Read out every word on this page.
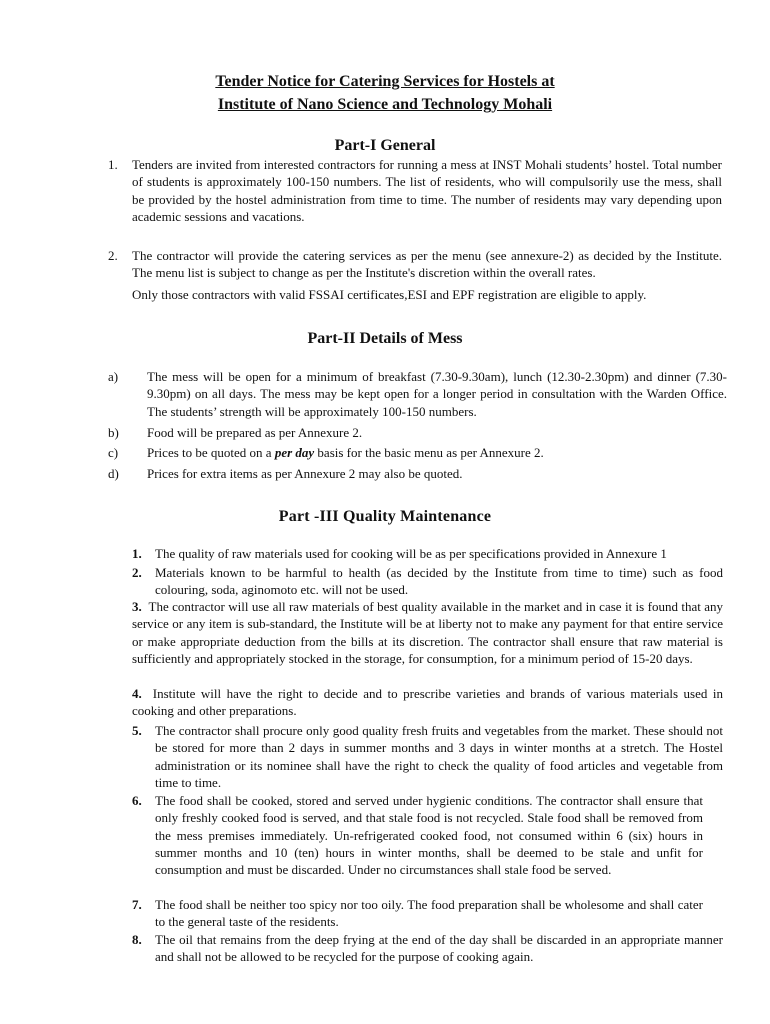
Tender Notice for Catering Services for Hostels at
Institute of Nano Science and Technology Mohali
Part-I General
1. Tenders are invited from interested contractors for running a mess at INST Mohali students’ hostel. Total number of students is approximately 100-150 numbers. The list of residents, who will compulsorily use the mess, shall be provided by the hostel administration from time to time. The number of residents may vary depending upon academic sessions and vacations.

2. The contractor will provide the catering services as per the menu (see annexure-2) as decided by the Institute. The menu list is subject to change as per the Institute's discretion within the overall rates.

Only those contractors with valid FSSAI certificates,ESI and EPF registration are eligible to apply.

Part-II Details of Mess
a) The mess will be open for a minimum of breakfast (7.30-9.30am), lunch (12.30-2.30pm) and dinner (7.30-9.30pm) on all days. The mess may be kept open for a longer period in consultation with the Warden Office. The students’ strength will be approximately 100-150 numbers.

b) Food will be prepared as per Annexure 2.

c) Prices to be quoted on a per day basis for the basic menu as per Annexure 2.

d) Prices for extra items as per Annexure 2 may also be quoted.

Part -III Quality Maintenance
1. The quality of raw materials used for cooking will be as per specifications provided in Annexure 1

2. Materials known to be harmful to health (as decided by the Institute from time to time) such as food colouring, soda, aginomoto etc. will not be used.

3. The contractor will use all raw materials of best quality available in the market and in case it is found that any service or any item is sub-standard, the Institute will be at liberty not to make any payment for that entire service or make appropriate deduction from the bills at its discretion. The contractor shall ensure that raw material is sufficiently and appropriately stocked in the storage, for consumption, for a minimum period of 15-20 days.

4. Institute will have the right to decide and to prescribe varieties and brands of various materials used in cooking and other preparations.

5. The contractor shall procure only good quality fresh fruits and vegetables from the market. These should not be stored for more than 2 days in summer months and 3 days in winter months at a stretch. The Hostel administration or its nominee shall have the right to check the quality of food articles and vegetable from time to time.

6. The food shall be cooked, stored and served under hygienic conditions. The contractor shall ensure that only freshly cooked food is served, and that stale food is not recycled. Stale food shall be removed from the mess premises immediately. Un-refrigerated cooked food, not consumed within 6 (six) hours in summer months and 10 (ten) hours in winter months, shall be deemed to be stale and unfit for consumption and must be discarded. Under no circumstances shall stale food be served.

7. The food shall be neither too spicy nor too oily. The food preparation shall be wholesome and shall cater to the general taste of the residents.

8. The oil that remains from the deep frying at the end of the day shall be discarded in an appropriate manner and shall not be allowed to be recycled for the purpose of cooking again.
